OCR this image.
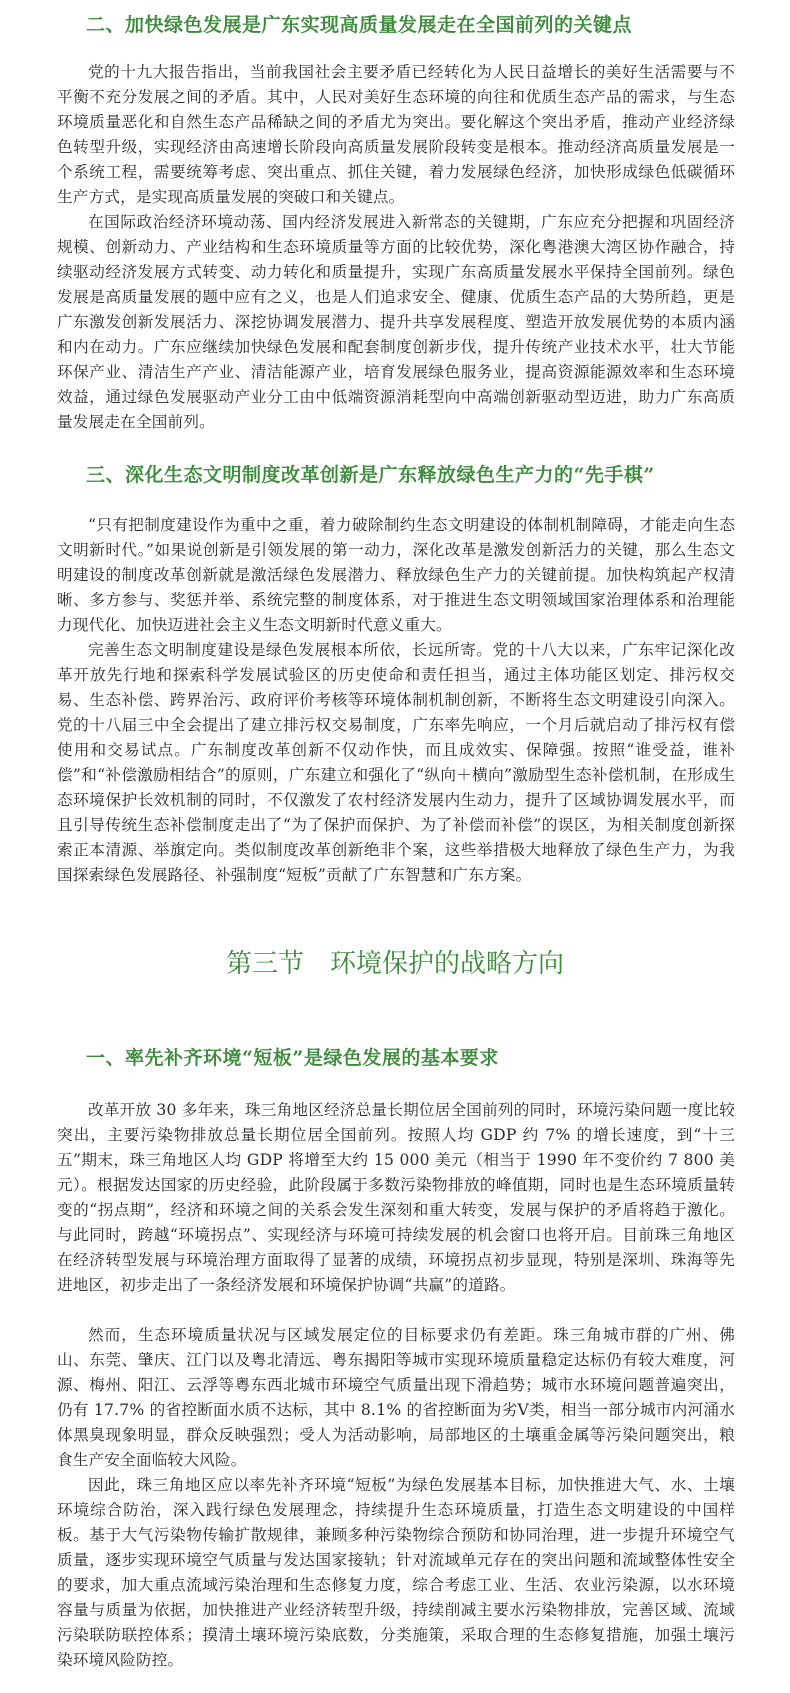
二、加快绿色发展是广东实现高质量发展走在全国前列的关键点

党的十九大报告指出，当前我国社会主要矛盾已经转化为人民日益增长的美好生活需要与不平衡不充分发展之间的矛盾。其中，人民对美好生态环境的向往和优质生态产品的需求，与生态环境质量恶化和自然生态产品稀缺之间的矛盾尤为突出。要化解这个突出矛盾，推动产业经济绿色转型升级，实现经济由高速增长阶段向高质量发展阶段转变是根本。推动经济高质量发展是一个系统工程，需要统筹考虑、突出重点、抓住关键，着力发展绿色经济，加快形成绿色低碳循环生产方式，是实现高质量发展的突破口和关键点。

在国际政治经济环境动荡、国内经济发展进入新常态的关键期，广东应充分把握和巩固经济规模、创新动力、产业结构和生态环境质量等方面的比较优势，深化粤港澳大湾区协作融合，持续驱动经济发展方式转变、动力转化和质量提升，实现广东高质量发展水平保持全国前列。绿色发展是高质量发展的题中应有之义，也是人们追求安全、健康、优质生态产品的大势所趋，更是广东激发创新发展活力、深挖协调发展潜力、提升共享发展程度、塑造开放发展优势的本质内涵和内在动力。广东应继续加快绿色发展和配套制度创新步伐，提升传统产业技术水平，壮大节能环保产业、清洁生产产业、清洁能源产业，培育发展绿色服务业，提高资源能源效率和生态环境效益，通过绿色发展驱动产业分工由中低端资源消耗型向中高端创新驱动型迈进，助力广东高质量发展走在全国前列。

三、深化生态文明制度改革创新是广东释放绿色生产力的“先手棋”

“只有把制度建设作为重中之重，着力破除制约生态文明建设的体制机制障碍，才能走向生态文明新时代。”如果说创新是引领发展的第一动力，深化改革是激发创新活力的关键，那么生态文明建设的制度改革创新就是激活绿色发展潜力、释放绿色生产力的关键前提。加快构筑起产权清晰、多方参与、奖惩并举、系统完整的制度体系，对于推进生态文明领域国家治理体系和治理能力现代化、加快迈进社会主义生态文明新时代意义重大。

完善生态文明制度建设是绿色发展根本所依，长远所寄。党的十八大以来，广东牢记深化改革开放先行地和探索科学发展试验区的历史使命和责任担当，通过主体功能区划定、排污权交易、生态补偿、跨界治污、政府评价考核等环境体制机制创新，不断将生态文明建设引向深入。党的十八届三中全会提出了建立排污权交易制度，广东率先响应，一个月后就启动了排污权有偿使用和交易试点。广东制度改革创新不仅动作快，而且成效实、保障强。按照“谁受益，谁补偿”和“补偿激励相结合”的原则，广东建立和强化了“纵向＋横向”激励型生态补偿机制，在形成生态环境保护长效机制的同时，不仅激发了农村经济发展内生动力，提升了区域协调发展水平，而且引导传统生态补偿制度走出了“为了保护而保护、为了补偿而补偿”的误区，为相关制度创新探索正本清源、举旗定向。类似制度改革创新绝非个案，这些举措极大地释放了绿色生产力，为我国探索绿色发展路径、补强制度“短板”贡献了广东智慧和广东方案。

第三节　环境保护的战略方向
一、率先补齐环境“短板”是绿色发展的基本要求

改革开放 30 多年来，珠三角地区经济总量长期位居全国前列的同时，环境污染问题一度比较突出，主要污染物排放总量长期位居全国前列。按照人均 GDP 约 7% 的增长速度，到“十三五”期末，珠三角地区人均 GDP 将增至大约 15 000 美元（相当于 1990 年不变价约 7 800 美元）。根据发达国家的历史经验，此阶段属于多数污染物排放的峰值期，同时也是生态环境质量转变的“拐点期”，经济和环境之间的关系会发生深刻和重大转变，发展与保护的矛盾将趋于激化。与此同时，跨越“环境拐点”、实现经济与环境可持续发展的机会窗口也将开启。目前珠三角地区在经济转型发展与环境治理方面取得了显著的成绩，环境拐点初步显现，特别是深圳、珠海等先进地区，初步走出了一条经济发展和环境保护协调“共赢”的道路。

然而，生态环境质量状况与区域发展定位的目标要求仍有差距。珠三角城市群的广州、佛山、东莞、肇庆、江门以及粤北清远、粤东揭阳等城市实现环境质量稳定达标仍有较大难度，河源、梅州、阳江、云浮等粤东西北城市环境空气质量出现下滑趋势；城市水环境问题普遍突出，仍有 17.7% 的省控断面水质不达标，其中 8.1% 的省控断面为劣Ⅴ类，相当一部分城市内河涌水体黑臭现象明显，群众反映强烈；受人为活动影响，局部地区的土壤重金属等污染问题突出，粮食生产安全面临较大风险。

因此，珠三角地区应以率先补齐环境“短板”为绿色发展基本目标，加快推进大气、水、土壤环境综合防治，深入践行绿色发展理念，持续提升生态环境质量，打造生态文明建设的中国样板。基于大气污染物传输扩散规律，兼顾多种污染物综合预防和协同治理，进一步提升环境空气质量，逐步实现环境空气质量与发达国家接轨；针对流域单元存在的突出问题和流域整体性安全的要求，加大重点流域污染治理和生态修复力度，综合考虑工业、生活、农业污染源，以水环境容量与质量为依据，加快推进产业经济转型升级，持续削减主要水污染物排放，完善区域、流域污染联防联控体系；摸清土壤环境污染底数，分类施策，采取合理的生态修复措施，加强土壤污染环境风险防控。
